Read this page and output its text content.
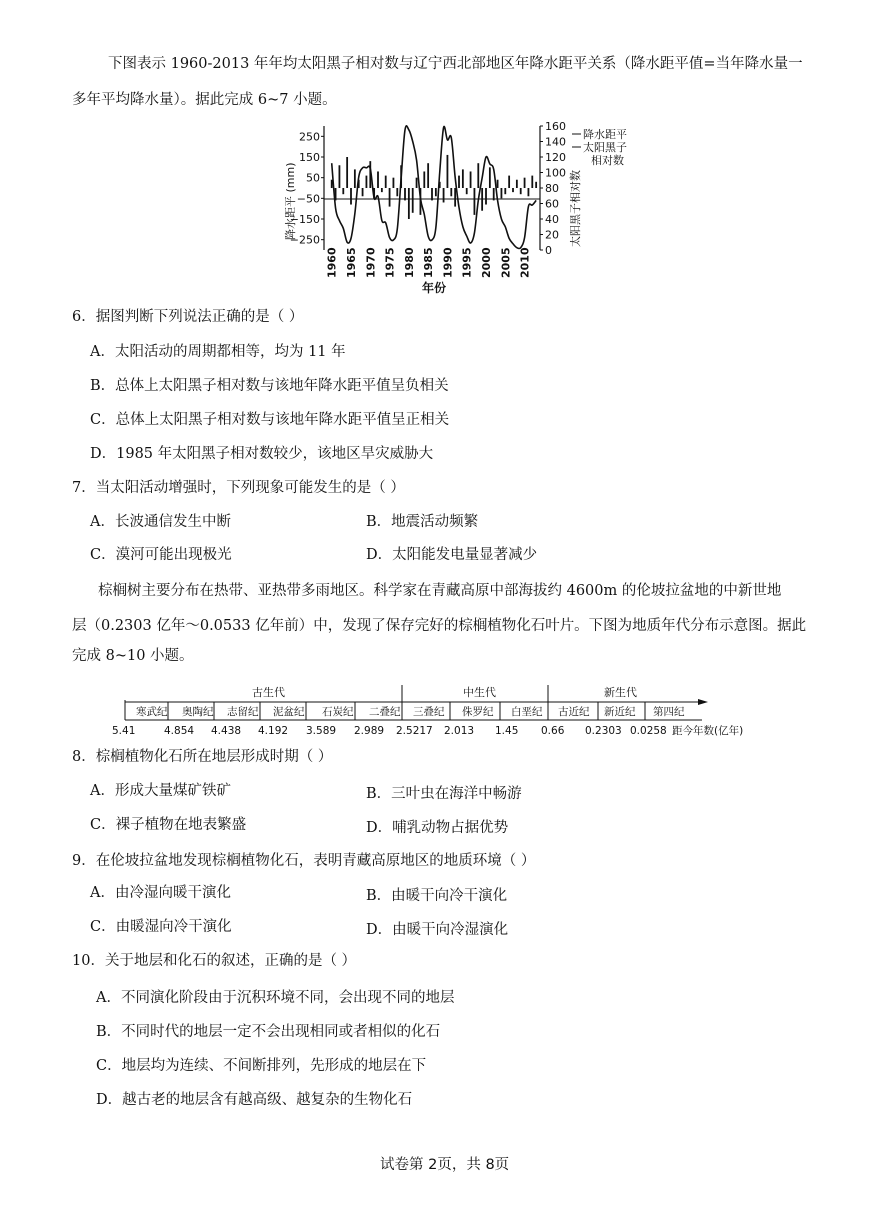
下图表示 1960-2013 年年均太阳黑子相对数与辽宁西北部地区年降水距平关系（降水距平值=当年降水量一
多年平均降水量）。据此完成 6~7 小题。
250
150
50
−50
−150
−250
160
140
120
100
80
60
40
20
0
1960 1965 1970 1975 1980 1985 1990 1995 2000 2005 2010
降水距平 (mm)	太阳黑子相对数
降水距平
太阳黑子
相对数
年份
6．据图判断下列说法正确的是（ ）
A．太阳活动的周期都相等，均为 11 年
B．总体上太阳黑子相对数与该地年降水距平值呈负相关
C．总体上太阳黑子相对数与该地年降水距平值呈正相关
D．1985 年太阳黑子相对数较少，该地区旱灾威胁大
7．当太阳活动增强时，下列现象可能发生的是（ ）
A．长波通信发生中断	B．地震活动频繁
C．漠河可能出现极光	D．太阳能发电量显著减少
棕榈树主要分布在热带、亚热带多雨地区。科学家在青藏高原中部海拔约 4600m 的伦坡拉盆地的中新世地
层（0.2303 亿年～0.0533 亿年前）中，发现了保存完好的棕榈植物化石叶片。下图为地质年代分布示意图。据此
完成 8~10 小题。
古生代	中生代	新生代
寒武纪 奥陶纪 志留纪 泥盆纪 石炭纪 二叠纪 三叠纪 侏罗纪 白垩纪 古近纪 新近纪 第四纪
5.41	4.854 4.438 4.192 3.589 2.989 2.5217 2.013 1.45 0.66 0.2303 0.0258 距今年数(亿年)
8．棕榈植物化石所在地层形成时期（ ）
A．形成大量煤矿铁矿	B．三叶虫在海洋中畅游
C．裸子植物在地表繁盛	D．哺乳动物占据优势
9．在伦坡拉盆地发现棕榈植物化石，表明青藏高原地区的地质环境（ ）
A．由冷湿向暖干演化	B．由暖干向冷干演化
C．由暖湿向冷干演化	D．由暖干向冷湿演化
10．关于地层和化石的叙述，正确的是（ ）
A．不同演化阶段由于沉积环境不同，会出现不同的地层
B．不同时代的地层一定不会出现相同或者相似的化石
C．地层均为连续、不间断排列，先形成的地层在下
D．越古老的地层含有越高级、越复杂的生物化石
试卷第 2页，共 8页
